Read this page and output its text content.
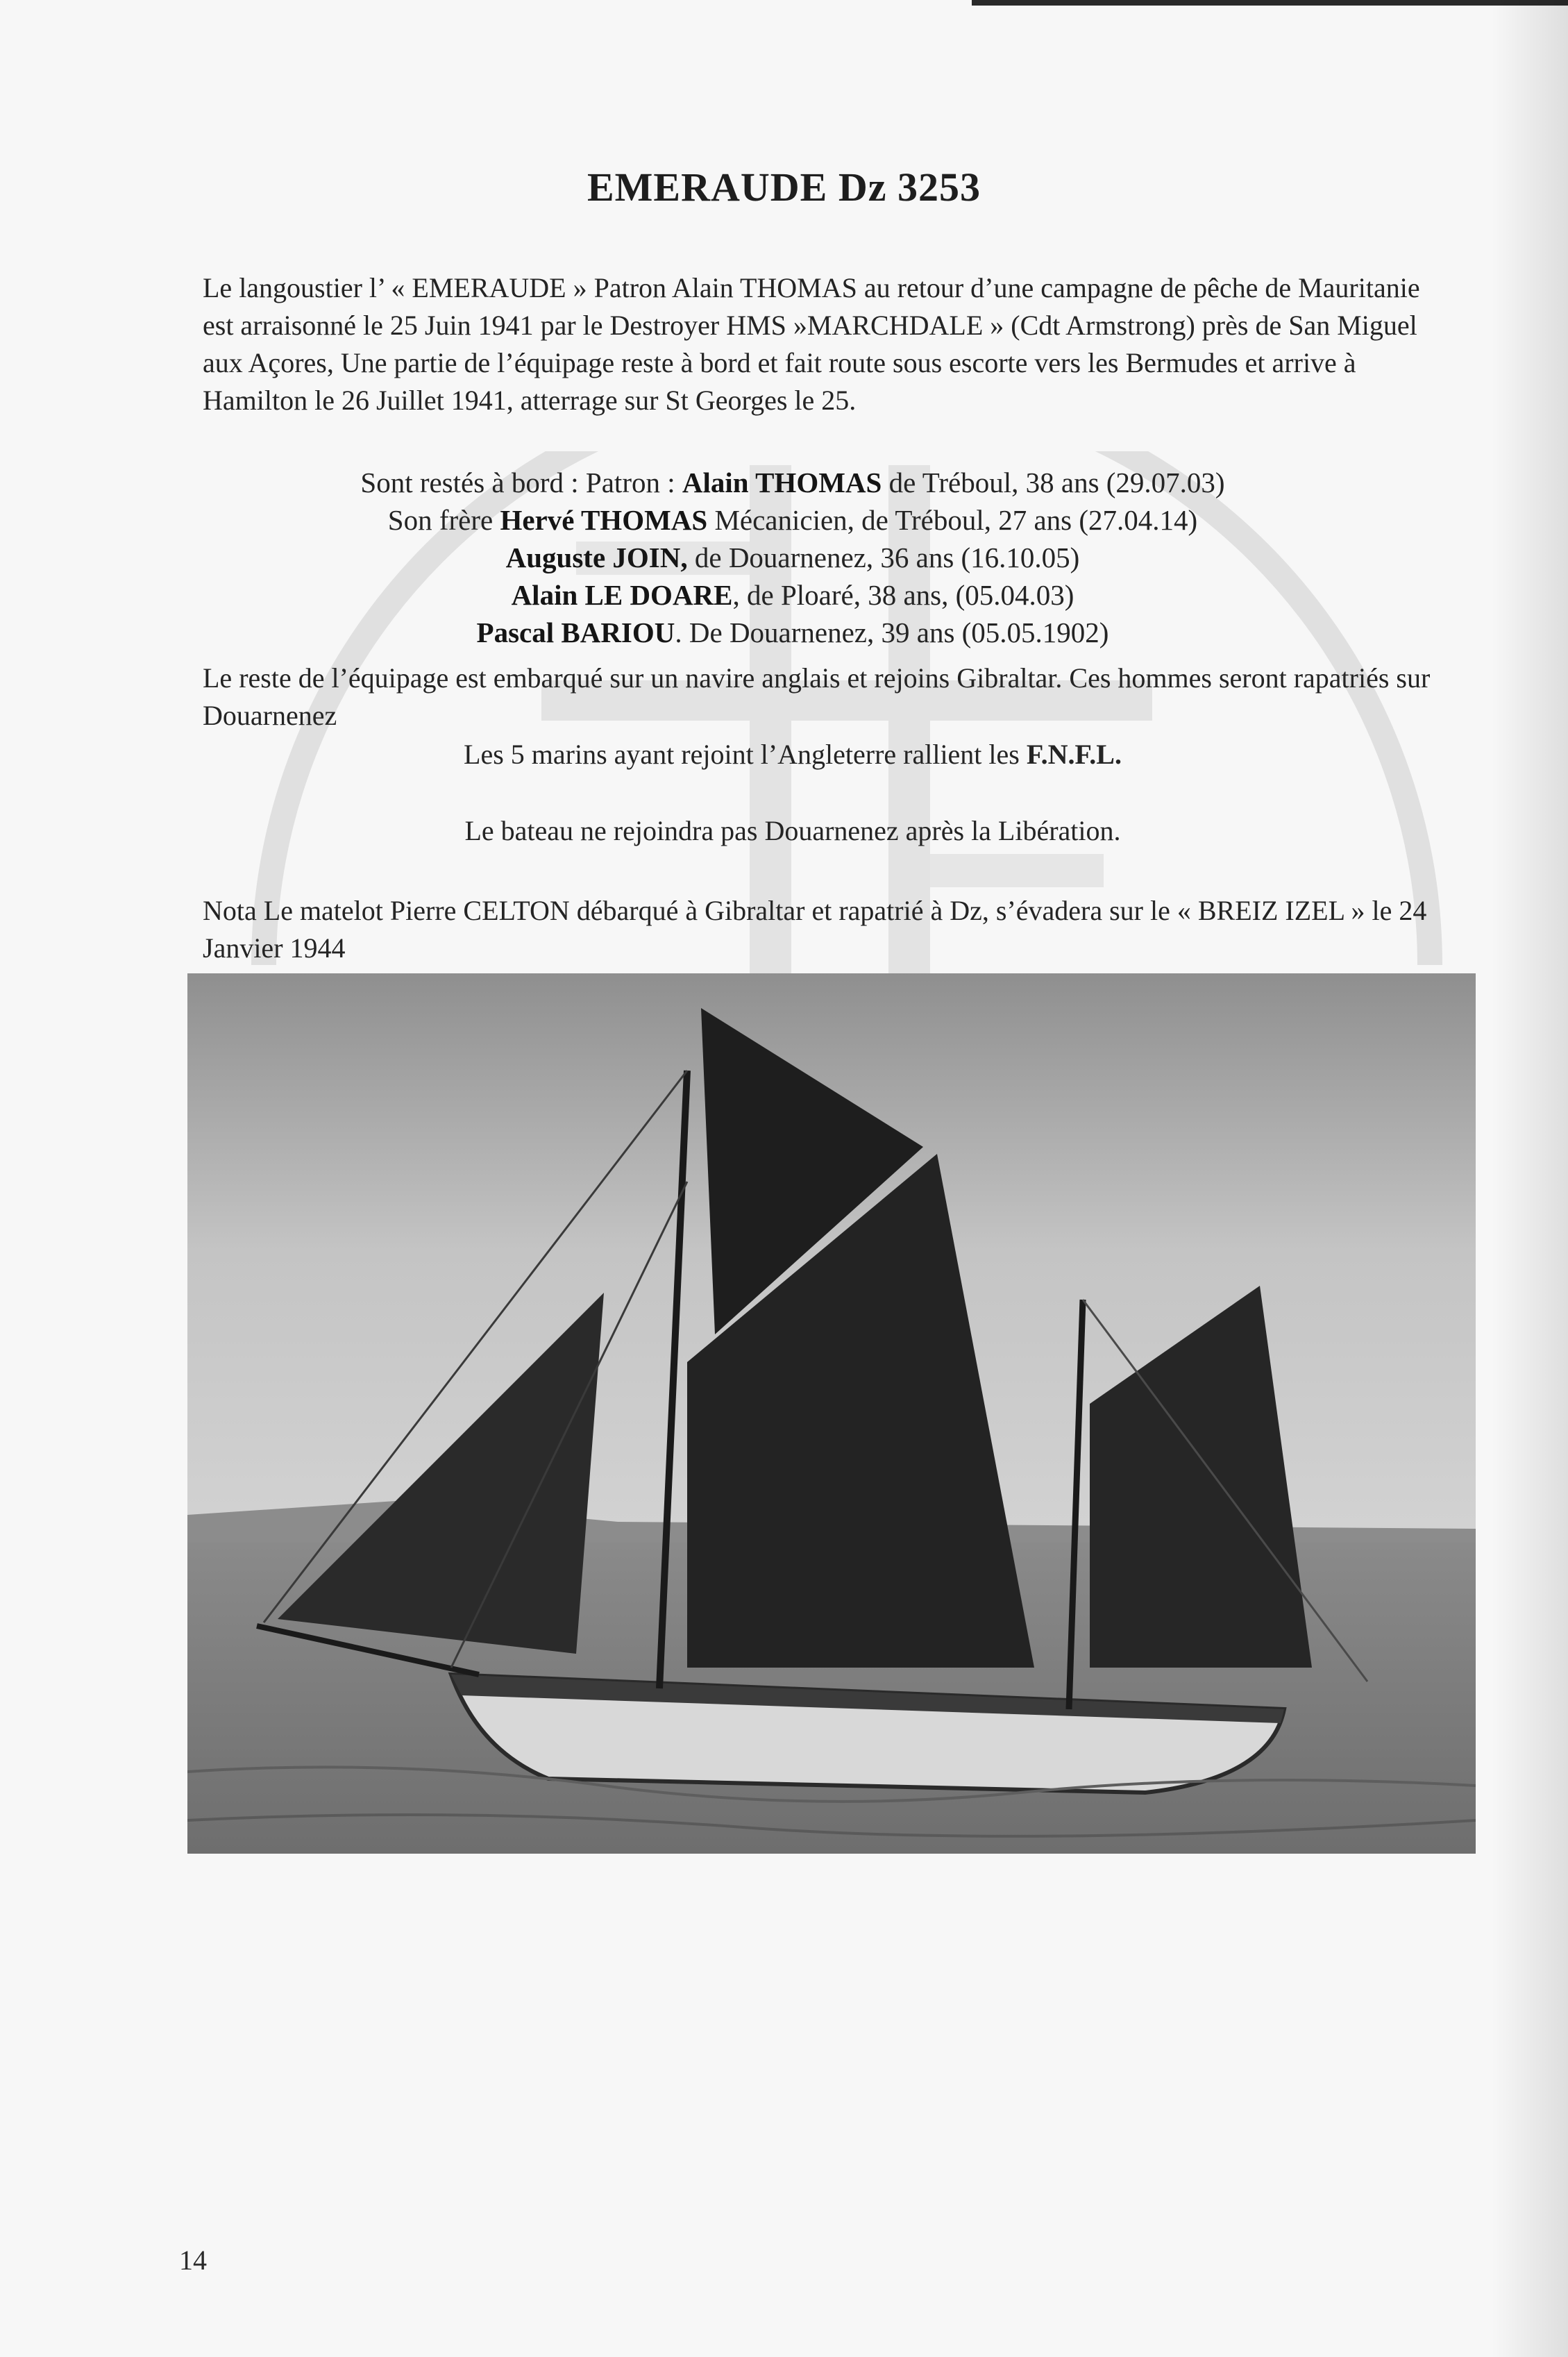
EMERAUDE Dz 3253

Le langoustier l’ « EMERAUDE » Patron Alain THOMAS au retour d’une campagne de pêche de Mauritanie est arraisonné le 25 Juin 1941 par le Destroyer HMS »MARCHDALE » (Cdt Armstrong) près de San Miguel aux Açores, Une partie de l’équipage reste à bord et fait route sous escorte vers les Bermudes et arrive à Hamilton le 26 Juillet 1941, atterrage sur St Georges le 25.

Sont restés à bord : Patron : Alain THOMAS de Tréboul, 38 ans (29.07.03)
Son frère Hervé THOMAS Mécanicien, de Tréboul, 27 ans (27.04.14)
Auguste JOIN, de Douarnenez, 36 ans (16.10.05)
Alain LE DOARE, de Ploaré, 38 ans, (05.04.03)
Pascal BARIOU. De Douarnenez, 39 ans (05.05.1902)

Le reste de l’équipage est embarqué sur un navire anglais et rejoins Gibraltar. Ces hommes seront rapatriés sur Douarnenez

Les 5 marins ayant rejoint l’Angleterre rallient les F.N.F.L.

Le bateau ne rejoindra pas Douarnenez après la Libération.

Nota Le matelot Pierre CELTON débarqué à Gibraltar et rapatrié à Dz, s’évadera sur le « BREIZ IZEL » le 24 Janvier 1944

14
